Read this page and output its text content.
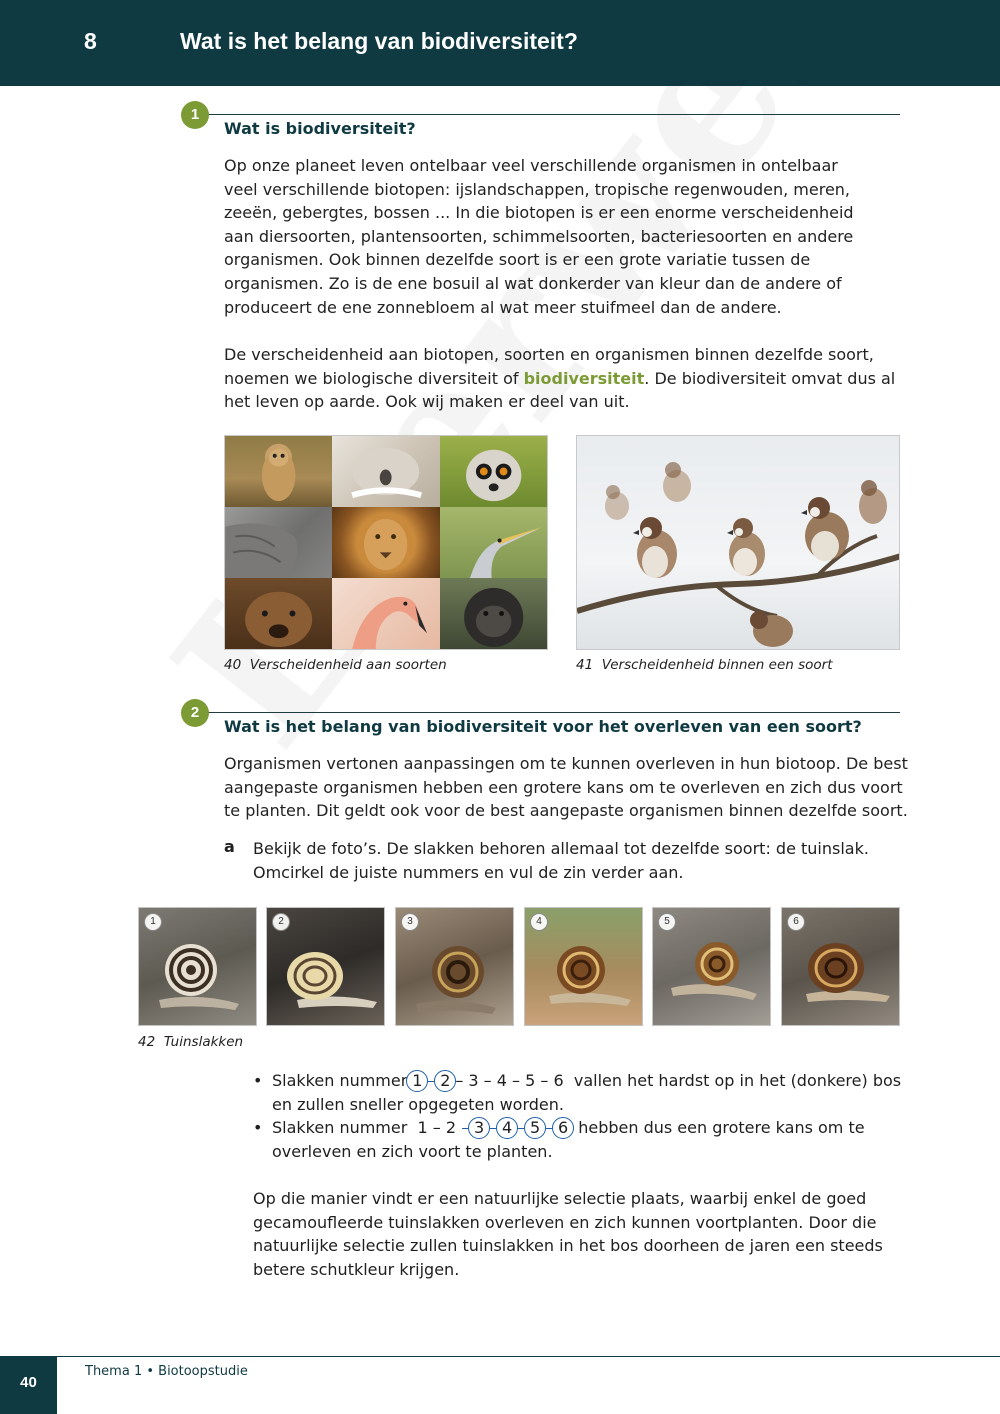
8	Wat is het belang van biodiversiteit?
1
Wat is biodiversiteit?

Op onze planeet leven ontelbaar veel verschillende organismen in ontelbaar

veel verschillende biotopen: ijslandschappen, tropische regenwouden, meren,

zeeën, gebergtes, bossen ... In die biotopen is er een enorme verscheidenheid

aan diersoorten, plantensoorten, schimmelsoorten, bacteriesoorten en andere

organismen. Ook binnen dezelfde soort is er een grote variatie tussen de

organismen. Zo is de ene bosuil al wat donkerder van kleur dan de andere of

produceert de ene zonnebloem al wat meer stuifmeel dan de andere.

De verscheidenheid aan biotopen, soorten en organismen binnen dezelfde soort,

noemen we biologische diversiteit of biodiversiteit. De biodiversiteit omvat dus al

het leven op aarde. Ook wij maken er deel van uit.

40 Verscheidenheid aan soorten	41 Verscheidenheid binnen een soort
2
Wat is het belang van biodiversiteit voor het overleven van een soort?

Organismen vertonen aanpassingen om te kunnen overleven in hun biotoop. De best

aangepaste organismen hebben een grotere kans om te overleven en zich dus voort

te planten. Dit geldt ook voor de best aangepaste organismen binnen dezelfde soort.

a Bekijk de foto’s. De slakken behoren allemaal tot dezelfde soort: de tuinslak.

Omcirkel de juiste nummers en vul de zin verder aan.

1	2	3	4	5	6
42 Tuinslakken
• Slakken nummer 1 2 – 3 – 4 – 5 – 6 vallen het hardst op in het (donkere) bos
en zullen sneller opgegeten worden.
• Slakken nummer 1 – 2 3 4 5 6 hebben dus een grotere kans om te
overleven en zich voort te planten.

Op die manier vindt er een natuurlijke selectie plaats, waarbij enkel de goed

gecamoufleerde tuinslakken overleven en zich kunnen voortplanten. Door die

natuurlijke selectie zullen tuinslakken in het bos doorheen de jaren een steeds

betere schutkleur krijgen.

40
Thema 1 • Biotoopstudie
